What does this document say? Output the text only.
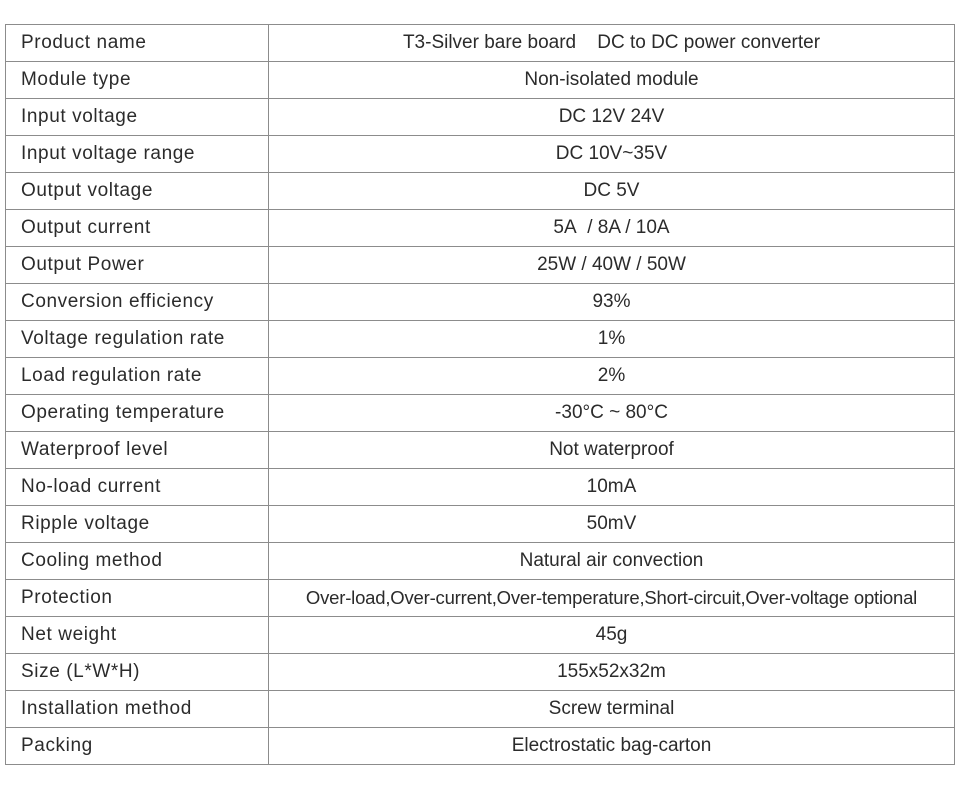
Product name	T3-Silver bare board    DC to DC power converter
Module type	Non-isolated module
Input voltage	DC 12V 24V
Input voltage range	DC 10V~35V
Output voltage	DC 5V
Output current	5A  / 8A / 10A
Output Power	25W / 40W / 50W
Conversion efficiency	93%
Voltage regulation rate	1%
Load regulation rate	2%
Operating temperature	-30°C ~ 80°C
Waterproof level	Not waterproof
No-load current	10mA
Ripple voltage	50mV
Cooling method	Natural air convection
Protection	Over-load,Over-current,Over-temperature,Short-circuit,Over-voltage optional
Net weight	45g
Size (L*W*H)	155x52x32m
Installation method	Screw terminal
Packing	Electrostatic bag-carton
